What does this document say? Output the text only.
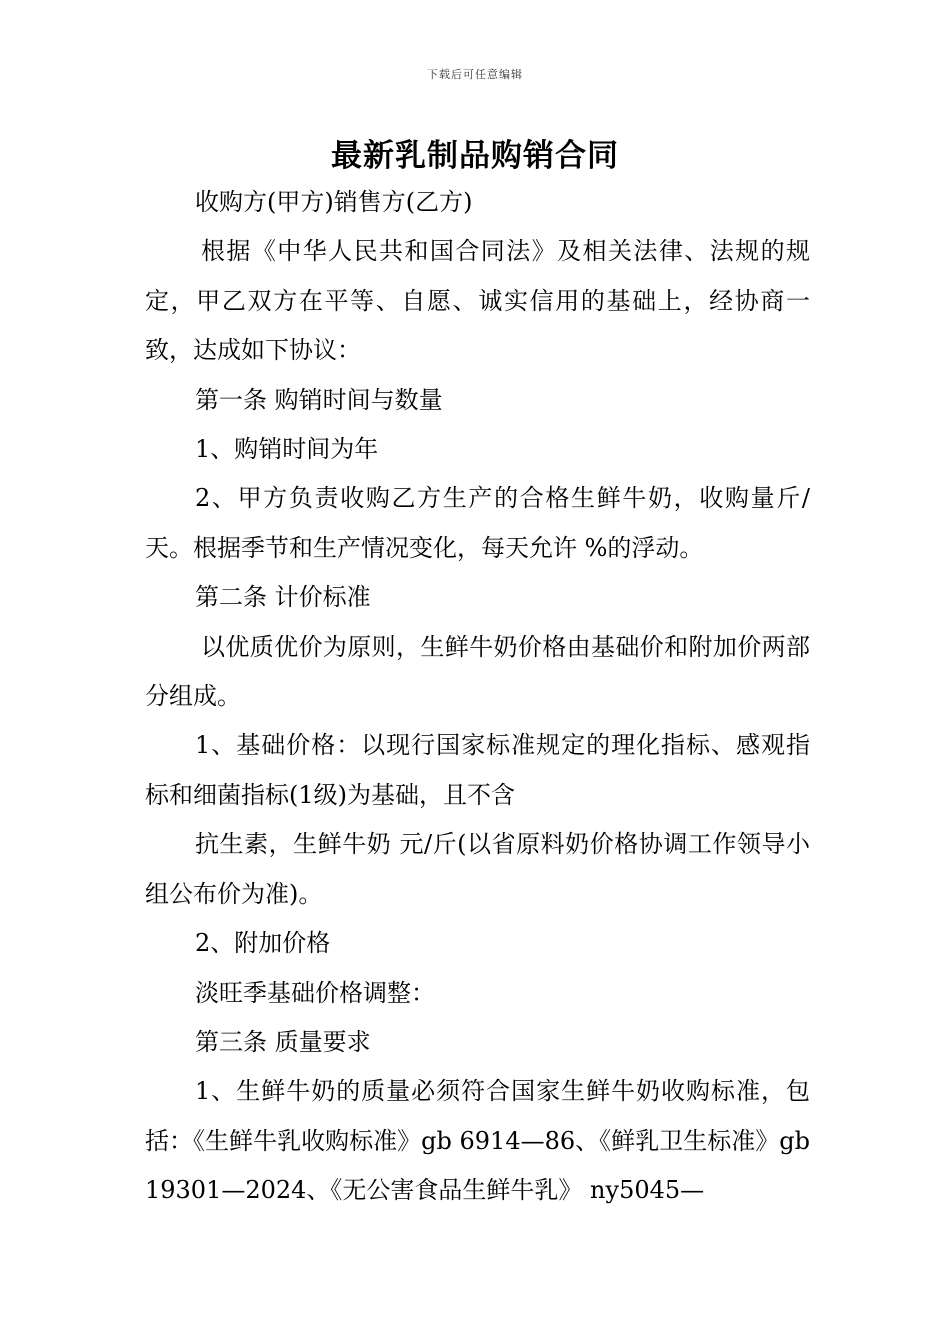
下载后可任意编辑
最新乳制品购销合同

收购方(甲方)销售方(乙方)

根据《中华人民共和国合同法》及相关法律、法规的规定，甲乙双方在平等、自愿、诚实信用的基础上，经协商一致，达成如下协议：

第一条 购销时间与数量

1、购销时间为年

2、甲方负责收购乙方生产的合格生鲜牛奶，收购量斤/天。根据季节和生产情况变化，每天允许 %的浮动。

第二条 计价标准

以优质优价为原则，生鲜牛奶价格由基础价和附加价两部分组成。

1、基础价格：以现行国家标准规定的理化指标、感观指标和细菌指标(1级)为基础，且不含

抗生素，生鲜牛奶 元/斤(以省原料奶价格协调工作领导小组公布价为准)。

2、附加价格

淡旺季基础价格调整：

第三条 质量要求

1、生鲜牛奶的质量必须符合国家生鲜牛奶收购标准，包括：《生鲜牛乳收购标准》gb 6914—86、《鲜乳卫生标准》gb 19301—2024、《无公害食品生鲜牛乳》 ny5045—
